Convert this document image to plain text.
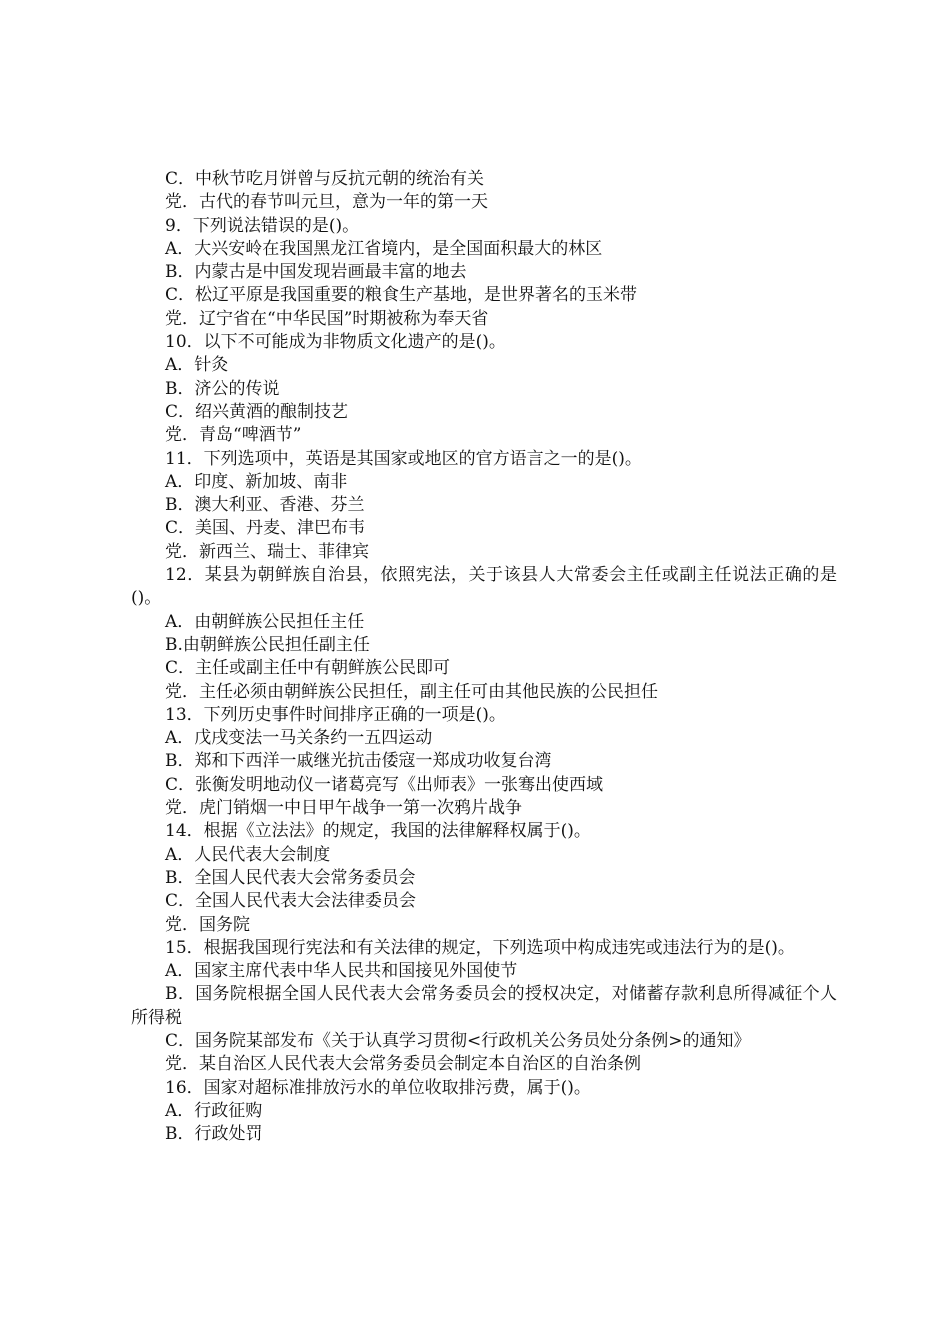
C．中秋节吃月饼曾与反抗元朝的统治有关

党．古代的春节叫元旦，意为一年的第一天

9．下列说法错误的是()。

A．大兴安岭在我国黑龙江省境内，是全国面积最大的林区

B．内蒙古是中国发现岩画最丰富的地去

C．松辽平原是我国重要的粮食生产基地，是世界著名的玉米带

党．辽宁省在“中华民国”时期被称为奉天省

10．以下不可能成为非物质文化遗产的是()。

A．针灸

B．济公的传说

C．绍兴黄酒的酿制技艺

党．青岛“啤酒节”

11．下列选项中，英语是其国家或地区的官方语言之一的是()。

A．印度、新加坡、南非

B．澳大利亚、香港、芬兰

C．美国、丹麦、津巴布韦

党．新西兰、瑞士、菲律宾

12．某县为朝鲜族自治县，依照宪法，关于该县人大常委会主任或副主任说法正确的是()。

A．由朝鲜族公民担任主任

B.由朝鲜族公民担任副主任

C．主任或副主任中有朝鲜族公民即可

党．主任必须由朝鲜族公民担任，副主任可由其他民族的公民担任

13．下列历史事件时间排序正确的一项是()。

A．戊戌变法一马关条约一五四运动

B．郑和下西洋一戚继光抗击倭寇一郑成功收复台湾

C．张衡发明地动仪一诸葛亮写《出师表》一张骞出使西域

党．虎门销烟一中日甲午战争一第一次鸦片战争

14．根据《立法法》的规定，我国的法律解释权属于()。

A．人民代表大会制度

B．全国人民代表大会常务委员会

C．全国人民代表大会法律委员会

党．国务院

15．根据我国现行宪法和有关法律的规定，下列选项中构成违宪或违法行为的是()。

A．国家主席代表中华人民共和国接见外国使节

B．国务院根据全国人民代表大会常务委员会的授权决定，对储蓄存款利息所得减征个人所得税

C．国务院某部发布《关于认真学习贯彻<行政机关公务员处分条例>的通知》

党．某自治区人民代表大会常务委员会制定本自治区的自治条例

16．国家对超标准排放污水的单位收取排污费，属于()。

A．行政征购

B．行政处罚
